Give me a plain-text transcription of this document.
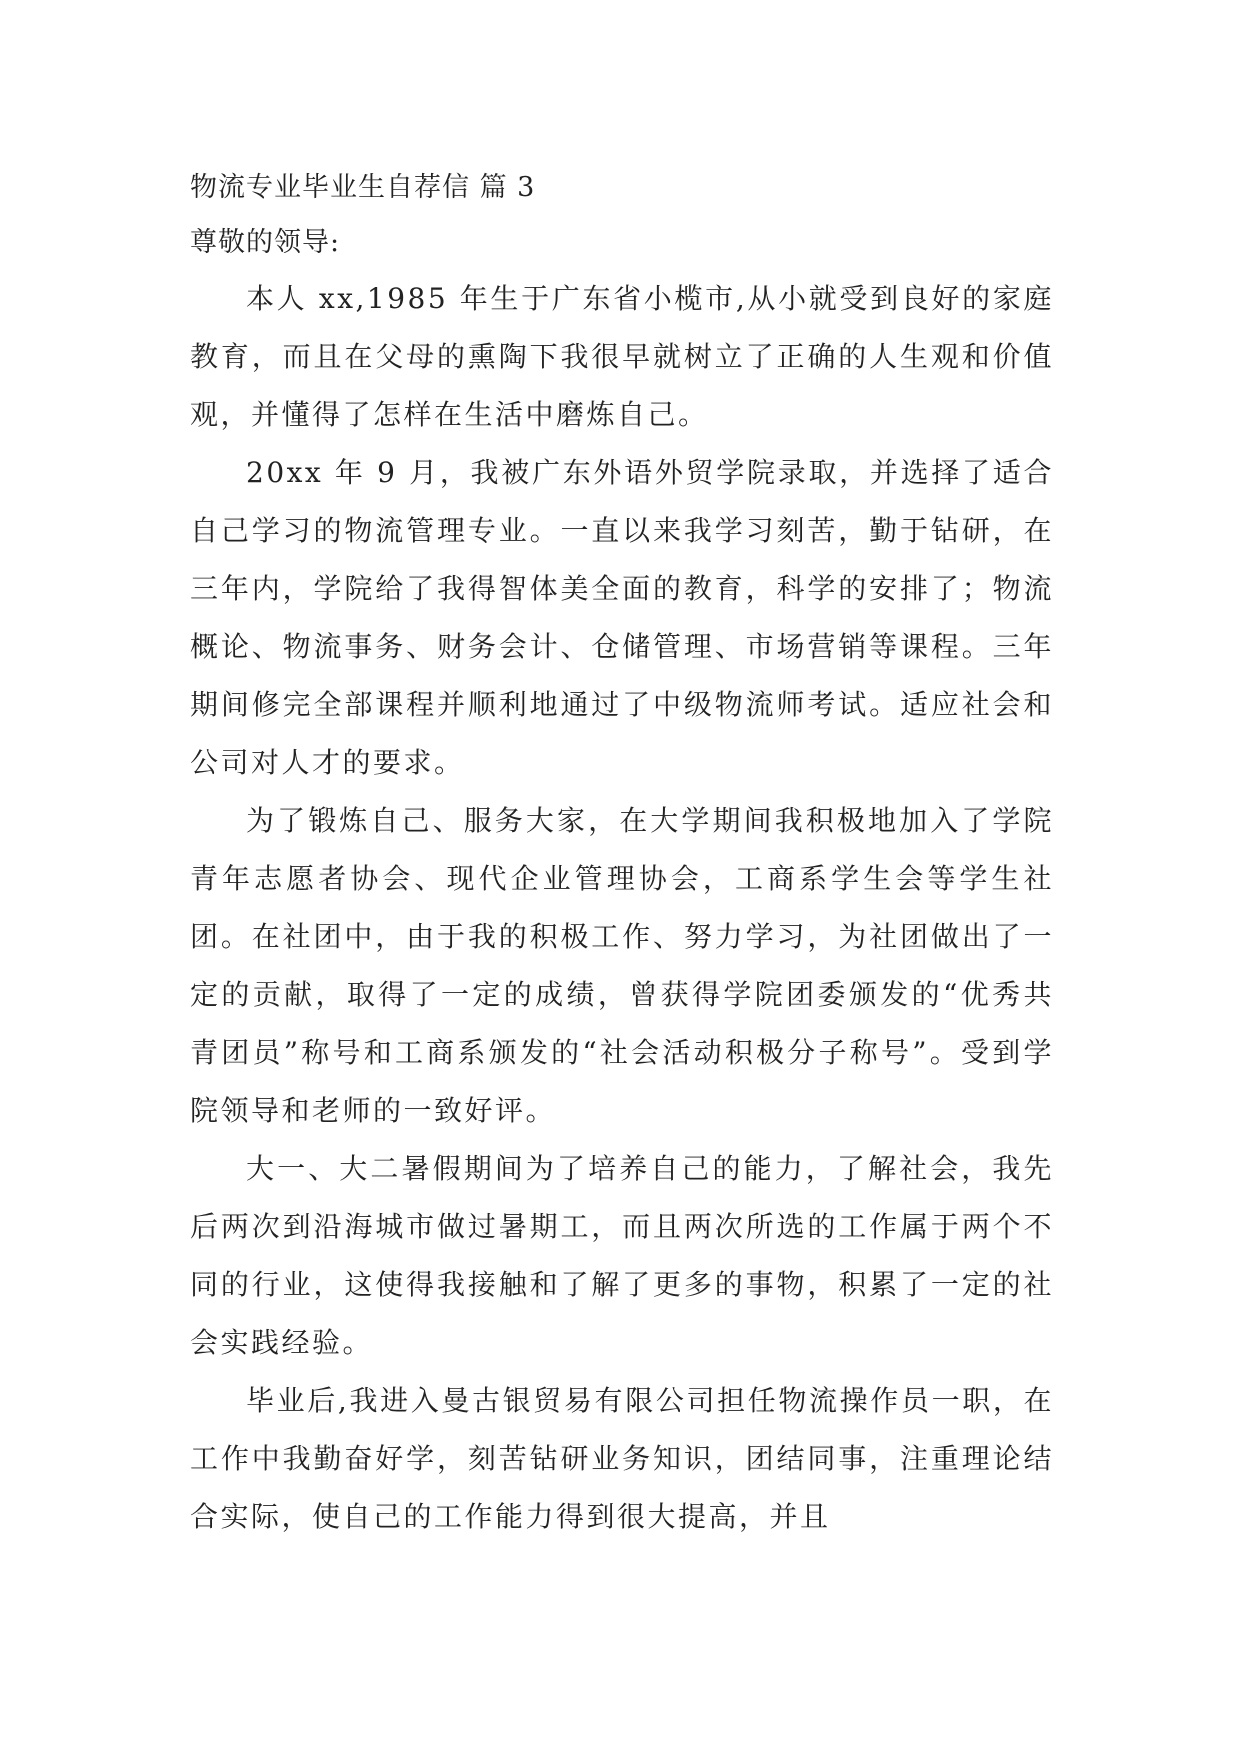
物流专业毕业生自荐信 篇 3

尊敬的领导:

本人 xx,1985 年生于广东省小榄市,从小就受到良好的家庭教育，而且在父母的熏陶下我很早就树立了正确的人生观和价值观，并懂得了怎样在生活中磨炼自己。

20xx 年 9 月，我被广东外语外贸学院录取，并选择了适合自己学习的物流管理专业。一直以来我学习刻苦，勤于钻研，在三年内，学院给了我得智体美全面的教育，科学的安排了；物流概论、物流事务、财务会计、仓储管理、市场营销等课程。三年期间修完全部课程并顺利地通过了中级物流师考试。适应社会和公司对人才的要求。

为了锻炼自己、服务大家，在大学期间我积极地加入了学院青年志愿者协会、现代企业管理协会，工商系学生会等学生社团。在社团中，由于我的积极工作、努力学习，为社团做出了一定的贡献，取得了一定的成绩，曾获得学院团委颁发的“优秀共青团员”称号和工商系颁发的“社会活动积极分子称号”。受到学院领导和老师的一致好评。

大一、大二暑假期间为了培养自己的能力，了解社会，我先后两次到沿海城市做过暑期工，而且两次所选的工作属于两个不同的行业，这使得我接触和了解了更多的事物，积累了一定的社会实践经验。

毕业后,我进入曼古银贸易有限公司担任物流操作员一职，在工作中我勤奋好学，刻苦钻研业务知识，团结同事，注重理论结合实际，使自己的工作能力得到很大提高，并且
